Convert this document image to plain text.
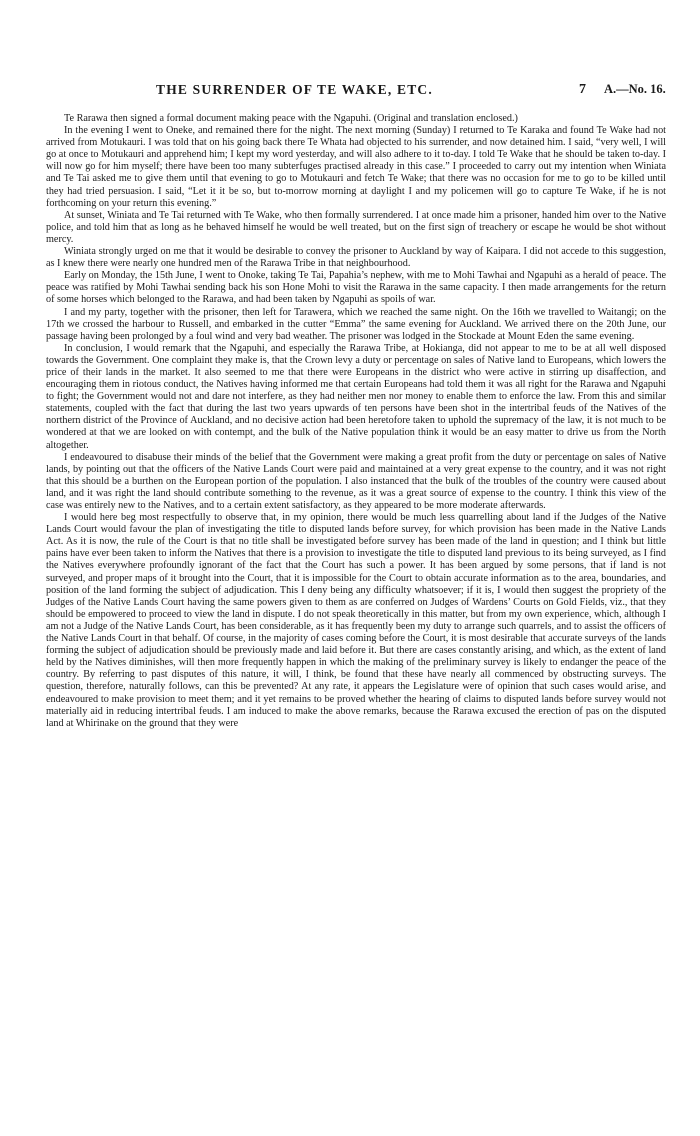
THE SURRENDER OF TE WAKE, ETC.	7 A.—No. 16.

Te Rarawa then signed a formal document making peace with the Ngapuhi. (Original and translation enclosed.)

In the evening I went to Oneke, and remained there for the night. The next morning (Sunday) I returned to Te Karaka and found Te Wake had not arrived from Motukauri. I was told that on his going back there Te Whata had objected to his surrender, and now detained him. I said, “very well, I will go at once to Motukauri and apprehend him; I kept my word yesterday, and will also adhere to it to-day. I told Te Wake that he should be taken to-day. I will now go for him myself; there have been too many subterfuges practised already in this case.” I proceeded to carry out my intention when Winiata and Te Tai asked me to give them until that evening to go to Motukauri and fetch Te Wake; that there was no occasion for me to go to be killed until they had tried persuasion. I said, “Let it it be so, but to-morrow morning at daylight I and my policemen will go to capture Te Wake, if he is not forthcoming on your return this evening.”

At sunset, Winiata and Te Tai returned with Te Wake, who then formally surrendered. I at once made him a prisoner, handed him over to the Native police, and told him that as long as he behaved himself he would be well treated, but on the first sign of treachery or escape he would be shot without mercy.

Winiata strongly urged on me that it would be desirable to convey the prisoner to Auckland by way of Kaipara. I did not accede to this suggestion, as I knew there were nearly one hundred men of the Rarawa Tribe in that neighbourhood.

Early on Monday, the 15th June, I went to Onoke, taking Te Tai, Papahia’s nephew, with me to Mohi Tawhai and Ngapuhi as a herald of peace. The peace was ratified by Mohi Tawhai sending back his son Hone Mohi to visit the Rarawa in the same capacity. I then made arrangements for the return of some horses which belonged to the Rarawa, and had been taken by Ngapuhi as spoils of war.

I and my party, together with the prisoner, then left for Tarawera, which we reached the same night. On the 16th we travelled to Waitangi; on the 17th we crossed the harbour to Russell, and embarked in the cutter “Emma” the same evening for Auckland. We arrived there on the 20th June, our passage having been prolonged by a foul wind and very bad weather. The prisoner was lodged in the Stockade at Mount Eden the same evening.

In conclusion, I would remark that the Ngapuhi, and especially the Rarawa Tribe, at Hokianga, did not appear to me to be at all well disposed towards the Government. One complaint they make is, that the Crown levy a duty or percentage on sales of Native land to Europeans, which lowers the price of their lands in the market. It also seemed to me that there were Europeans in the district who were active in stirring up disaffection, and encouraging them in riotous conduct, the Natives having informed me that certain Europeans had told them it was all right for the Rarawa and Ngapuhi to fight; the Government would not and dare not interfere, as they had neither men nor money to enable them to enforce the law. From this and similar statements, coupled with the fact that during the last two years upwards of ten persons have been shot in the intertribal feuds of the Natives of the northern district of the Province of Auckland, and no decisive action had been heretofore taken to uphold the supremacy of the law, it is not much to be wondered at that we are looked on with contempt, and the bulk of the Native population think it would be an easy matter to drive us from the North altogether.

I endeavoured to disabuse their minds of the belief that the Government were making a great profit from the duty or percentage on sales of Native lands, by pointing out that the officers of the Native Lands Court were paid and maintained at a very great expense to the country, and it was not right that this should be a burthen on the European portion of the population. I also instanced that the bulk of the troubles of the country were caused about land, and it was right the land should contribute something to the revenue, as it was a great source of expense to the country. I think this view of the case was entirely new to the Natives, and to a certain extent satisfactory, as they appeared to be more moderate afterwards.

I would here beg most respectfully to observe that, in my opinion, there would be much less quarrelling about land if the Judges of the Native Lands Court would favour the plan of investigating the title to disputed lands before survey, for which provision has been made in the Native Lands Act. As it is now, the rule of the Court is that no title shall be investigated before survey has been made of the land in question; and I think but little pains have ever been taken to inform the Natives that there is a provision to investigate the title to disputed land previous to its being surveyed, as I find the Natives everywhere profoundly ignorant of the fact that the Court has such a power. It has been argued by some persons, that if land is not surveyed, and proper maps of it brought into the Court, that it is impossible for the Court to obtain accurate information as to the area, boundaries, and position of the land forming the subject of adjudication. This I deny being any difficulty whatsoever; if it is, I would then suggest the propriety of the Judges of the Native Lands Court having the same powers given to them as are conferred on Judges of Wardens’ Courts on Gold Fields, viz., that they should be empowered to proceed to view the land in dispute. I do not speak theoretically in this matter, but from my own experience, which, although I am not a Judge of the Native Lands Court, has been considerable, as it has frequently been my duty to arrange such quarrels, and to assist the officers of the Native Lands Court in that behalf. Of course, in the majority of cases coming before the Court, it is most desirable that accurate surveys of the lands forming the subject of adjudication should be previously made and laid before it. But there are cases constantly arising, and which, as the extent of land held by the Natives diminishes, will then more frequently happen in which the making of the preliminary survey is likely to endanger the peace of the country. By referring to past disputes of this nature, it will, I think, be found that these have nearly all commenced by obstructing surveys. The question, therefore, naturally follows, can this be prevented? At any rate, it appears the Legislature were of opinion that such cases would arise, and endeavoured to make provision to meet them; and it yet remains to be proved whether the hearing of claims to disputed lands before survey would not materially aid in reducing intertribal feuds. I am induced to make the above remarks, because the Rarawa excused the erection of pas on the disputed land at Whirinake on the ground that they were
